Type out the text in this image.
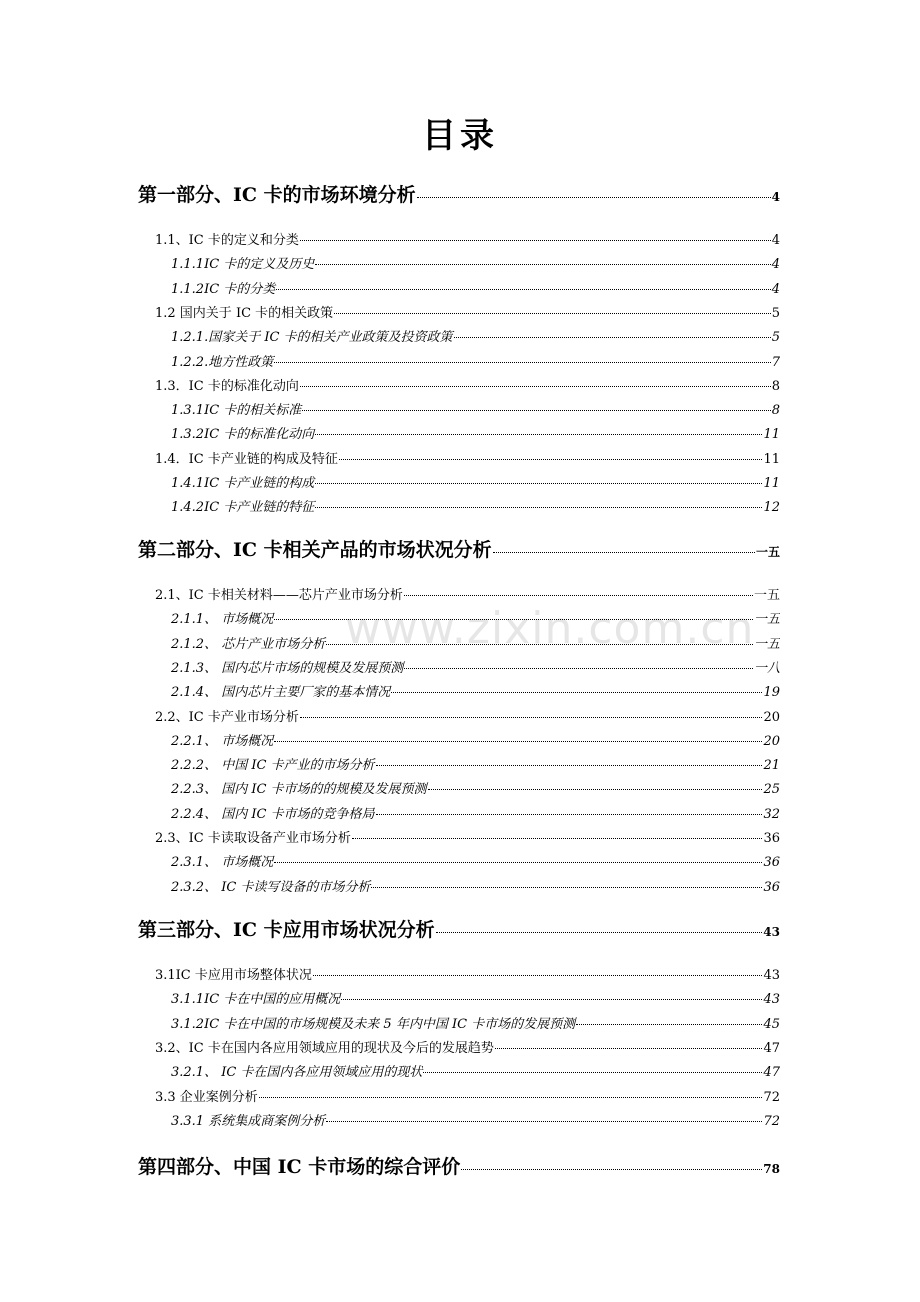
目录
www.zixin.com.cn
第一部分、IC 卡的市场环境分析	4
1.1、IC 卡的定义和分类	4
1.1.1IC 卡的定义及历史	4
1.1.2IC 卡的分类	4
1.2 国内关于 IC 卡的相关政策	5
1.2.1.国家关于 IC 卡的相关产业政策及投资政策	5
1.2.2.地方性政策	7
1.3．IC 卡的标准化动向	8
1.3.1IC 卡的相关标准	8
1.3.2IC 卡的标准化动向	11
1.4．IC 卡产业链的构成及特征	11
1.4.1IC 卡产业链的构成	11
1.4.2IC 卡产业链的特征	12
第二部分、IC 卡相关产品的市场状况分析	一五
2.1、IC 卡相关材料——芯片产业市场分析	一五
2.1.1、 市场概况	一五
2.1.2、 芯片产业市场分析	一五
2.1.3、 国内芯片市场的规模及发展预测	一八
2.1.4、 国内芯片主要厂家的基本情况	19
2.2、IC 卡产业市场分析	20
2.2.1、 市场概况	20
2.2.2、 中国 IC 卡产业的市场分析	21
2.2.3、 国内 IC 卡市场的的规模及发展预测	25
2.2.4、 国内 IC 卡市场的竞争格局	32
2.3、IC 卡读取设备产业市场分析	36
2.3.1、 市场概况	36
2.3.2、 IC 卡读写设备的市场分析	36
第三部分、IC 卡应用市场状况分析	43
3.1IC 卡应用市场整体状况	43
3.1.1IC 卡在中国的应用概况	43
3.1.2IC 卡在中国的市场规模及未来 5 年内中国 IC 卡市场的发展预测	45
3.2、IC 卡在国内各应用领域应用的现状及今后的发展趋势	47
3.2.1、 IC 卡在国内各应用领域应用的现状	47
3.3 企业案例分析	72
3.3.1 系统集成商案例分析	72
第四部分、中国 IC 卡市场的综合评价	78
